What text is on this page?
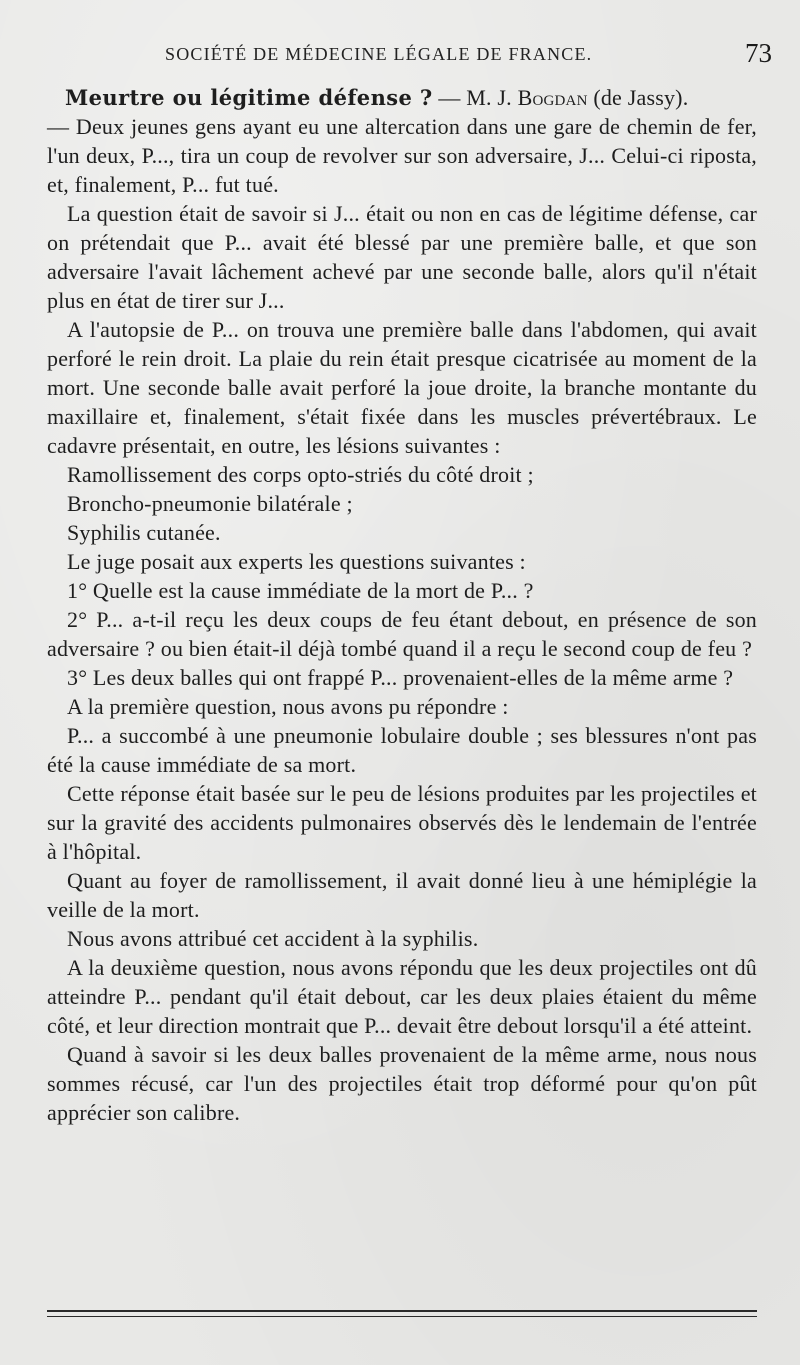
SOCIÉTÉ DE MÉDECINE LÉGALE DE FRANCE.	73

Meurtre ou légitime défense ? — M. J. Bogdan (de Jassy).

— Deux jeunes gens ayant eu une altercation dans une gare de chemin de fer, l'un deux, P..., tira un coup de revolver sur son adversaire, J... Celui-ci riposta, et, finalement, P... fut tué.

La question était de savoir si J... était ou non en cas de légitime défense, car on prétendait que P... avait été blessé par une première balle, et que son adversaire l'avait lâchement achevé par une seconde balle, alors qu'il n'était plus en état de tirer sur J...

A l'autopsie de P... on trouva une première balle dans l'abdomen, qui avait perforé le rein droit. La plaie du rein était presque cicatrisée au moment de la mort. Une seconde balle avait perforé la joue droite, la branche montante du maxillaire et, finalement, s'était fixée dans les muscles prévertébraux. Le cadavre présentait, en outre, les lésions suivantes :

Ramollissement des corps opto-striés du côté droit ;

Broncho-pneumonie bilatérale ;

Syphilis cutanée.

Le juge posait aux experts les questions suivantes :

1° Quelle est la cause immédiate de la mort de P... ?

2° P... a-t-il reçu les deux coups de feu étant debout, en présence de son adversaire ? ou bien était-il déjà tombé quand il a reçu le second coup de feu ?

3° Les deux balles qui ont frappé P... provenaient-elles de la même arme ?

A la première question, nous avons pu répondre :

P... a succombé à une pneumonie lobulaire double ; ses blessures n'ont pas été la cause immédiate de sa mort.

Cette réponse était basée sur le peu de lésions produites par les projectiles et sur la gravité des accidents pulmonaires observés dès le lendemain de l'entrée à l'hôpital.

Quant au foyer de ramollissement, il avait donné lieu à une hémiplégie la veille de la mort.

Nous avons attribué cet accident à la syphilis.

A la deuxième question, nous avons répondu que les deux projectiles ont dû atteindre P... pendant qu'il était debout, car les deux plaies étaient du même côté, et leur direction montrait que P... devait être debout lorsqu'il a été atteint.

Quand à savoir si les deux balles provenaient de la même arme, nous nous sommes récusé, car l'un des projectiles était trop déformé pour qu'on pût apprécier son calibre.
